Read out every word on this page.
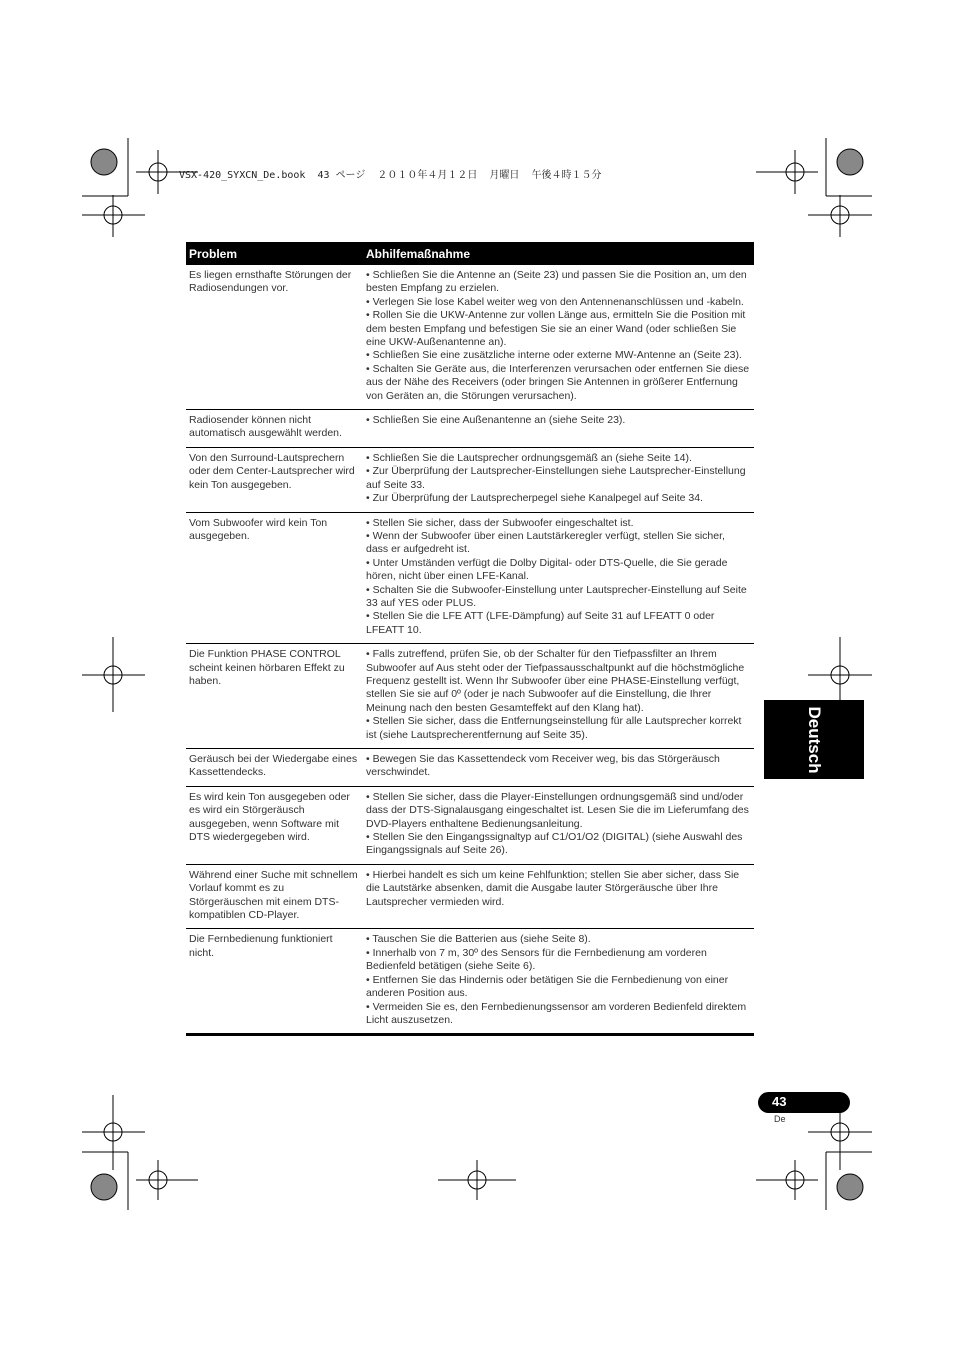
VSX-420_SYXCN_De.book  43 ページ  ２０１０年４月１２日  月曜日  午後４時１５分
Problem	Abhilfemaßnahme
Es liegen ernsthafte Störungen der Radiosendungen vor.

• Schließen Sie die Antenne an (Seite 23) und passen Sie die Position an, um den besten Empfang zu erzielen.

• Verlegen Sie lose Kabel weiter weg von den Antennenanschlüssen und -kabeln.

• Rollen Sie die UKW-Antenne zur vollen Länge aus, ermitteln Sie die Position mit dem besten Empfang und befestigen Sie sie an einer Wand (oder schließen Sie eine UKW-Außenantenne an).

• Schließen Sie eine zusätzliche interne oder externe MW-Antenne an (Seite 23).

• Schalten Sie Geräte aus, die Interferenzen verursachen oder entfernen Sie diese aus der Nähe des Receivers (oder bringen Sie Antennen in größerer Entfernung von Geräten an, die Störungen verursachen).

Radiosender können nicht automatisch ausgewählt werden.

• Schließen Sie eine Außenantenne an (siehe Seite 23).

Von den Surround-Lautsprechern oder dem Center-Lautsprecher wird kein Ton ausgegeben.

• Schließen Sie die Lautsprecher ordnungsgemäß an (siehe Seite 14).

• Zur Überprüfung der Lautsprecher-Einstellungen siehe Lautsprecher-Einstellung auf Seite 33.

• Zur Überprüfung der Lautsprecherpegel siehe Kanalpegel auf Seite 34.

Vom Subwoofer wird kein Ton ausgegeben.

• Stellen Sie sicher, dass der Subwoofer eingeschaltet ist.

• Wenn der Subwoofer über einen Lautstärkeregler verfügt, stellen Sie sicher, dass er aufgedreht ist.

• Unter Umständen verfügt die Dolby Digital- oder DTS-Quelle, die Sie gerade hören, nicht über einen LFE-Kanal.

• Schalten Sie die Subwoofer-Einstellung unter Lautsprecher-Einstellung auf Seite 33 auf YES oder PLUS.

• Stellen Sie die LFE ATT (LFE-Dämpfung) auf Seite 31 auf LFEATT 0 oder LFEATT 10.

Die Funktion PHASE CONTROL scheint keinen hörbaren Effekt zu haben.

• Falls zutreffend, prüfen Sie, ob der Schalter für den Tiefpassfilter an Ihrem Subwoofer auf Aus steht oder der Tiefpassausschaltpunkt auf die höchstmögliche Frequenz gestellt ist. Wenn Ihr Subwoofer über eine PHASE-Einstellung verfügt, stellen Sie sie auf 0º (oder je nach Subwoofer auf die Einstellung, die Ihrer Meinung nach den besten Gesamteffekt auf den Klang hat).

• Stellen Sie sicher, dass die Entfernungseinstellung für alle Lautsprecher korrekt ist (siehe Lautsprecherentfernung auf Seite 35).

Geräusch bei der Wiedergabe eines Kassettendecks.

• Bewegen Sie das Kassettendeck vom Receiver weg, bis das Störgeräusch verschwindet.

Es wird kein Ton ausgegeben oder es wird ein Störgeräusch ausgegeben, wenn Software mit DTS wiedergegeben wird.

• Stellen Sie sicher, dass die Player-Einstellungen ordnungsgemäß sind und/oder dass der DTS-Signalausgang eingeschaltet ist. Lesen Sie die im Lieferumfang des DVD-Players enthaltene Bedienungsanleitung.

• Stellen Sie den Eingangssignaltyp auf C1/O1/O2 (DIGITAL) (siehe Auswahl des Eingangssignals auf Seite 26).

Während einer Suche mit schnellem Vorlauf kommt es zu Störgeräuschen mit einem DTS-kompatiblen CD-Player.

• Hierbei handelt es sich um keine Fehlfunktion; stellen Sie aber sicher, dass Sie die Lautstärke absenken, damit die Ausgabe lauter Störgeräusche über Ihre Lautsprecher vermieden wird.

Die Fernbedienung funktioniert nicht.

• Tauschen Sie die Batterien aus (siehe Seite 8).

• Innerhalb von 7 m, 30º des Sensors für die Fernbedienung am vorderen Bedienfeld betätigen (siehe Seite 6).

• Entfernen Sie das Hindernis oder betätigen Sie die Fernbedienung von einer anderen Position aus.

• Vermeiden Sie es, den Fernbedienungssensor am vorderen Bedienfeld direktem Licht auszusetzen.

Deutsch
43
De
